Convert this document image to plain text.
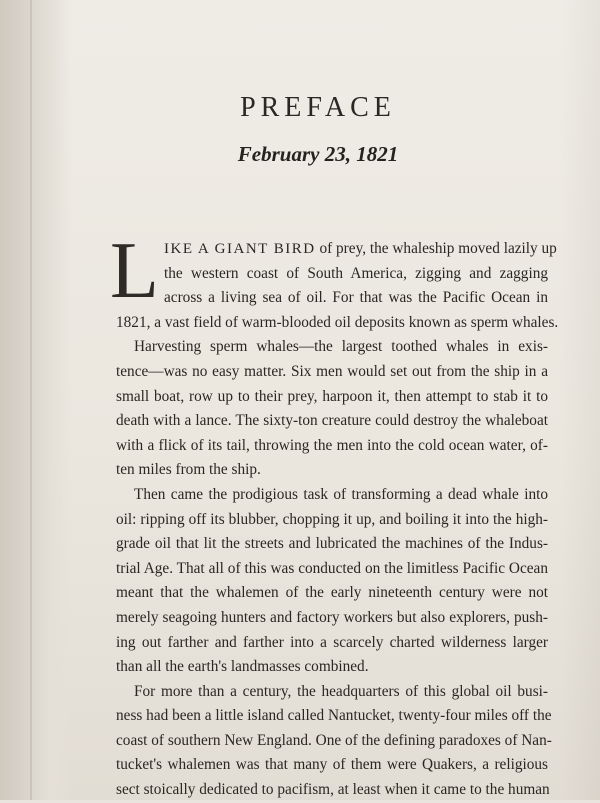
PREFACE
February 23, 1821
L IKE A GIANT BIRD of prey, the whaleship moved lazily up
the western coast of South America, zigging and zagging
across a living sea of oil. For that was the Pacific Ocean in
1821, a vast field of warm-blooded oil deposits known as sperm whales.
Harvesting sperm whales—the largest toothed whales in exis-
tence—was no easy matter. Six men would set out from the ship in a
small boat, row up to their prey, harpoon it, then attempt to stab it to
death with a lance. The sixty-ton creature could destroy the whaleboat
with a flick of its tail, throwing the men into the cold ocean water, of-
ten miles from the ship.
Then came the prodigious task of transforming a dead whale into
oil: ripping off its blubber, chopping it up, and boiling it into the high-
grade oil that lit the streets and lubricated the machines of the Indus-
trial Age. That all of this was conducted on the limitless Pacific Ocean
meant that the whalemen of the early nineteenth century were not
merely seagoing hunters and factory workers but also explorers, push-
ing out farther and farther into a scarcely charted wilderness larger
than all the earth's landmasses combined.
For more than a century, the headquarters of this global oil busi-
ness had been a little island called Nantucket, twenty-four miles off the
coast of southern New England. One of the defining paradoxes of Nan-
tucket's whalemen was that many of them were Quakers, a religious
sect stoically dedicated to pacifism, at least when it came to the human
